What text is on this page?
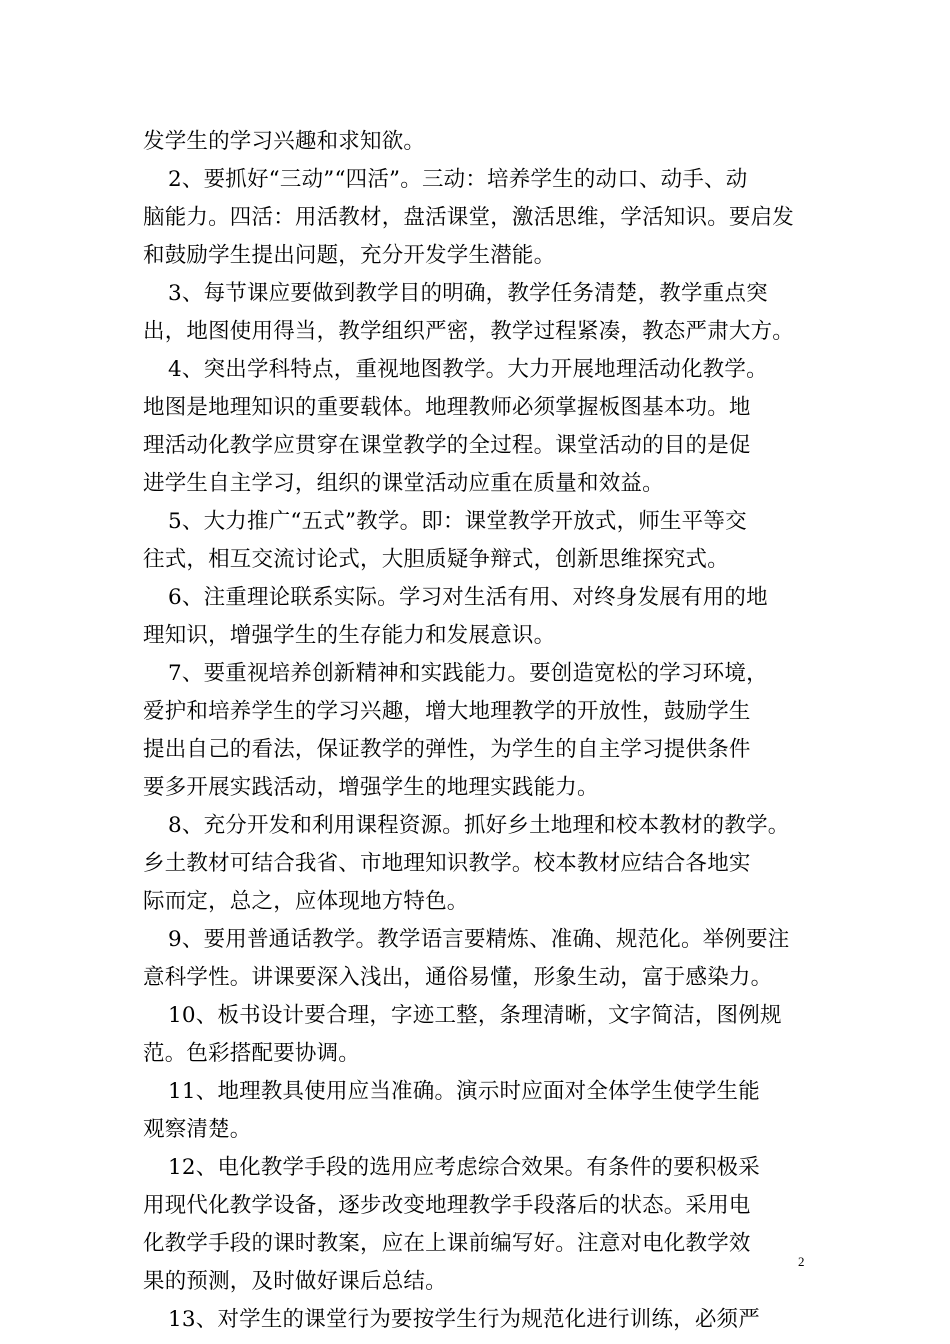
发学生的学习兴趣和求知欲。
2、要抓好“三动”“四活”。三动：培养学生的动口、动手、动
脑能力。四活：用活教材，盘活课堂，激活思维，学活知识。要启发
和鼓励学生提出问题，充分开发学生潜能。
3、每节课应要做到教学目的明确，教学任务清楚，教学重点突
出，地图使用得当，教学组织严密，教学过程紧凑，教态严肃大方。
4、突出学科特点，重视地图教学。大力开展地理活动化教学。
地图是地理知识的重要载体。地理教师必须掌握板图基本功。地
理活动化教学应贯穿在课堂教学的全过程。课堂活动的目的是促
进学生自主学习，组织的课堂活动应重在质量和效益。
5、大力推广“五式”教学。即：课堂教学开放式，师生平等交
往式，相互交流讨论式，大胆质疑争辩式，创新思维探究式。
6、注重理论联系实际。学习对生活有用、对终身发展有用的地
理知识，增强学生的生存能力和发展意识。
7、要重视培养创新精神和实践能力。要创造宽松的学习环境，
爱护和培养学生的学习兴趣，增大地理教学的开放性，鼓励学生
提出自己的看法，保证教学的弹性，为学生的自主学习提供条件
要多开展实践活动，增强学生的地理实践能力。
8、充分开发和利用课程资源。抓好乡土地理和校本教材的教学。
乡土教材可结合我省、市地理知识教学。校本教材应结合各地实
际而定，总之，应体现地方特色。
9、要用普通话教学。教学语言要精炼、准确、规范化。举例要注
意科学性。讲课要深入浅出，通俗易懂，形象生动，富于感染力。
10、板书设计要合理，字迹工整，条理清晰，文字简洁，图例规
范。色彩搭配要协调。
11、地理教具使用应当准确。演示时应面对全体学生使学生能
观察清楚。
12、电化教学手段的选用应考虑综合效果。有条件的要积极采
用现代化教学设备，逐步改变地理教学手段落后的状态。采用电
化教学手段的课时教案，应在上课前编写好。注意对电化教学效
果的预测，及时做好课后总结。
13、对学生的课堂行为要按学生行为规范化进行训练，必须严
2
